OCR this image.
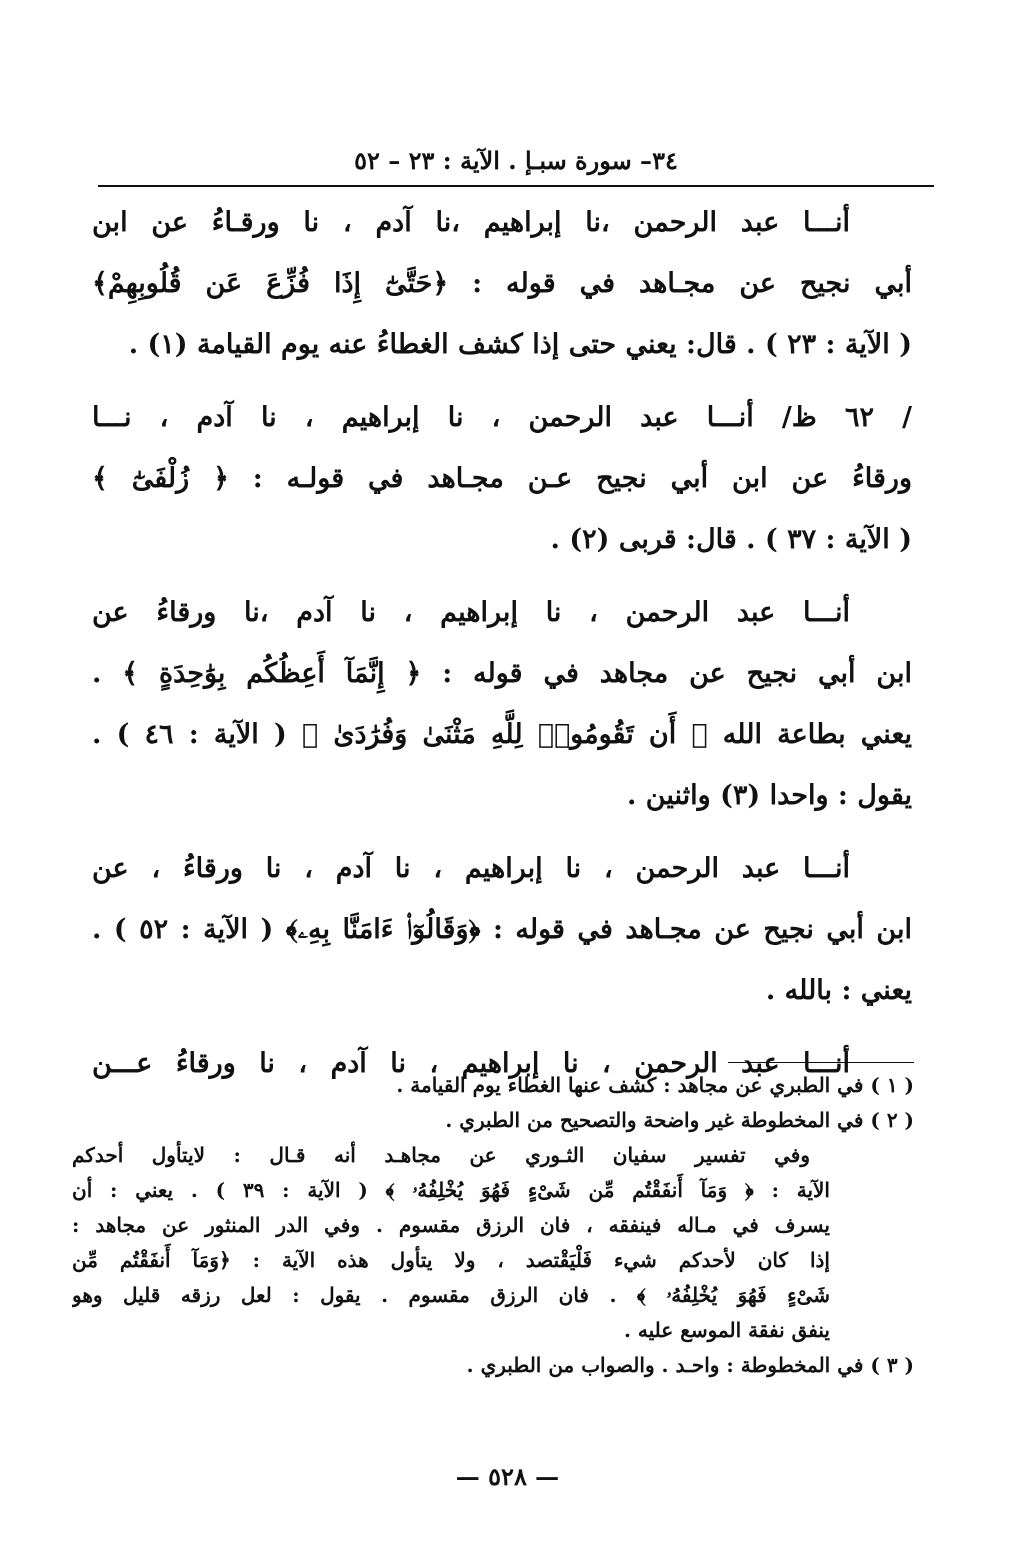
٣٤– سورة سبـإ . الآية : ٢٣ – ٥٢
أنـــا عبد الرحمن ،نا إبراهيم ،نا آدم ، نا ورقـاءُ عن ابن
أبي نجيح عن مجـاهد في قوله : ﴿حَتَّىٰٓ إِذَا فُزِّعَ عَن قُلُوبِهِمْ﴾
( الآية : ٢٣ ) . قال: يعني حتى إذا كشف الغطاءُ عنه يوم القيامة (١) .
/ ٦٢ ظ/ أنـــا عبد الرحمن ، نا إبراهيم ، نا آدم ، نـــا
ورقاءُ عن ابن أبي نجيح عـن مجـاهد في قولـه : ﴿ زُلْفَىٰٓ ﴾
( الآية : ٣٧ ) . قال: قربى (٢) .
أنـــا عبد الرحمن ، نا إبراهيم ، نا آدم ،نا ورقاءُ عن
ابن أبي نجيح عن مجاهد في قوله : ﴿ إِنَّمَآ أَعِظُكُم بِوَٰحِدَةٍ ﴾ .
يعني بطاعة الله ﴿ أَن تَقُومُوا۟ لِلَّهِ مَثْنَىٰ وَفُرَٰدَىٰ ﴾ ( الآية : ٤٦ ) .
يقول : واحدا (٣) واثنين .
أنـــا عبد الرحمن ، نا إبراهيم ، نا آدم ، نا ورقاءُ ، عن
ابن أبي نجيح عن مجـاهد في قوله : ﴿وَقَالُوٓا۟ ءَامَنَّا بِهِۦ﴾ ( الآية : ٥٢ ) .
يعني : بالله .
أنـــا عبد الرحمن ، نا إبراهيم ، نا آدم ، نا ورقاءُ عـــن
( ١ ) في الطبري عن مجاهد : كشف عنها الغطاء يوم القيامة .
( ٢ ) في المخطوطة غير واضحة والتصحيح من الطبري .
وفي تفسير سفيان الثـوري عن مجاهـد أنه قـال : لايتأول أحدكم
الآية : ﴿ وَمَآ أَنفَقْتُم مِّن شَىْءٍ فَهُوَ يُخْلِفُهُۥ ﴾ ( الآية : ٣٩ ) . يعني : أن
يسرف في مـاله فينفقه ، فان الرزق مقسوم . وفي الدر المنثور عن مجاهد :
إذا كان لأحدكم شيء فَلْيَقْتصد ، ولا يتأول هذه الآية : ﴿وَمَآ أَنفَقْتُم مِّن
شَىْءٍ فَهُوَ يُخْلِفُهُۥ ﴾ . فان الرزق مقسوم . يقول : لعل رزقه قليل وهو
ينفق نفقة الموسع عليه .
( ٣ ) في المخطوطة : واحـد . والصواب من الطبري .
— ٥٢٨ —
